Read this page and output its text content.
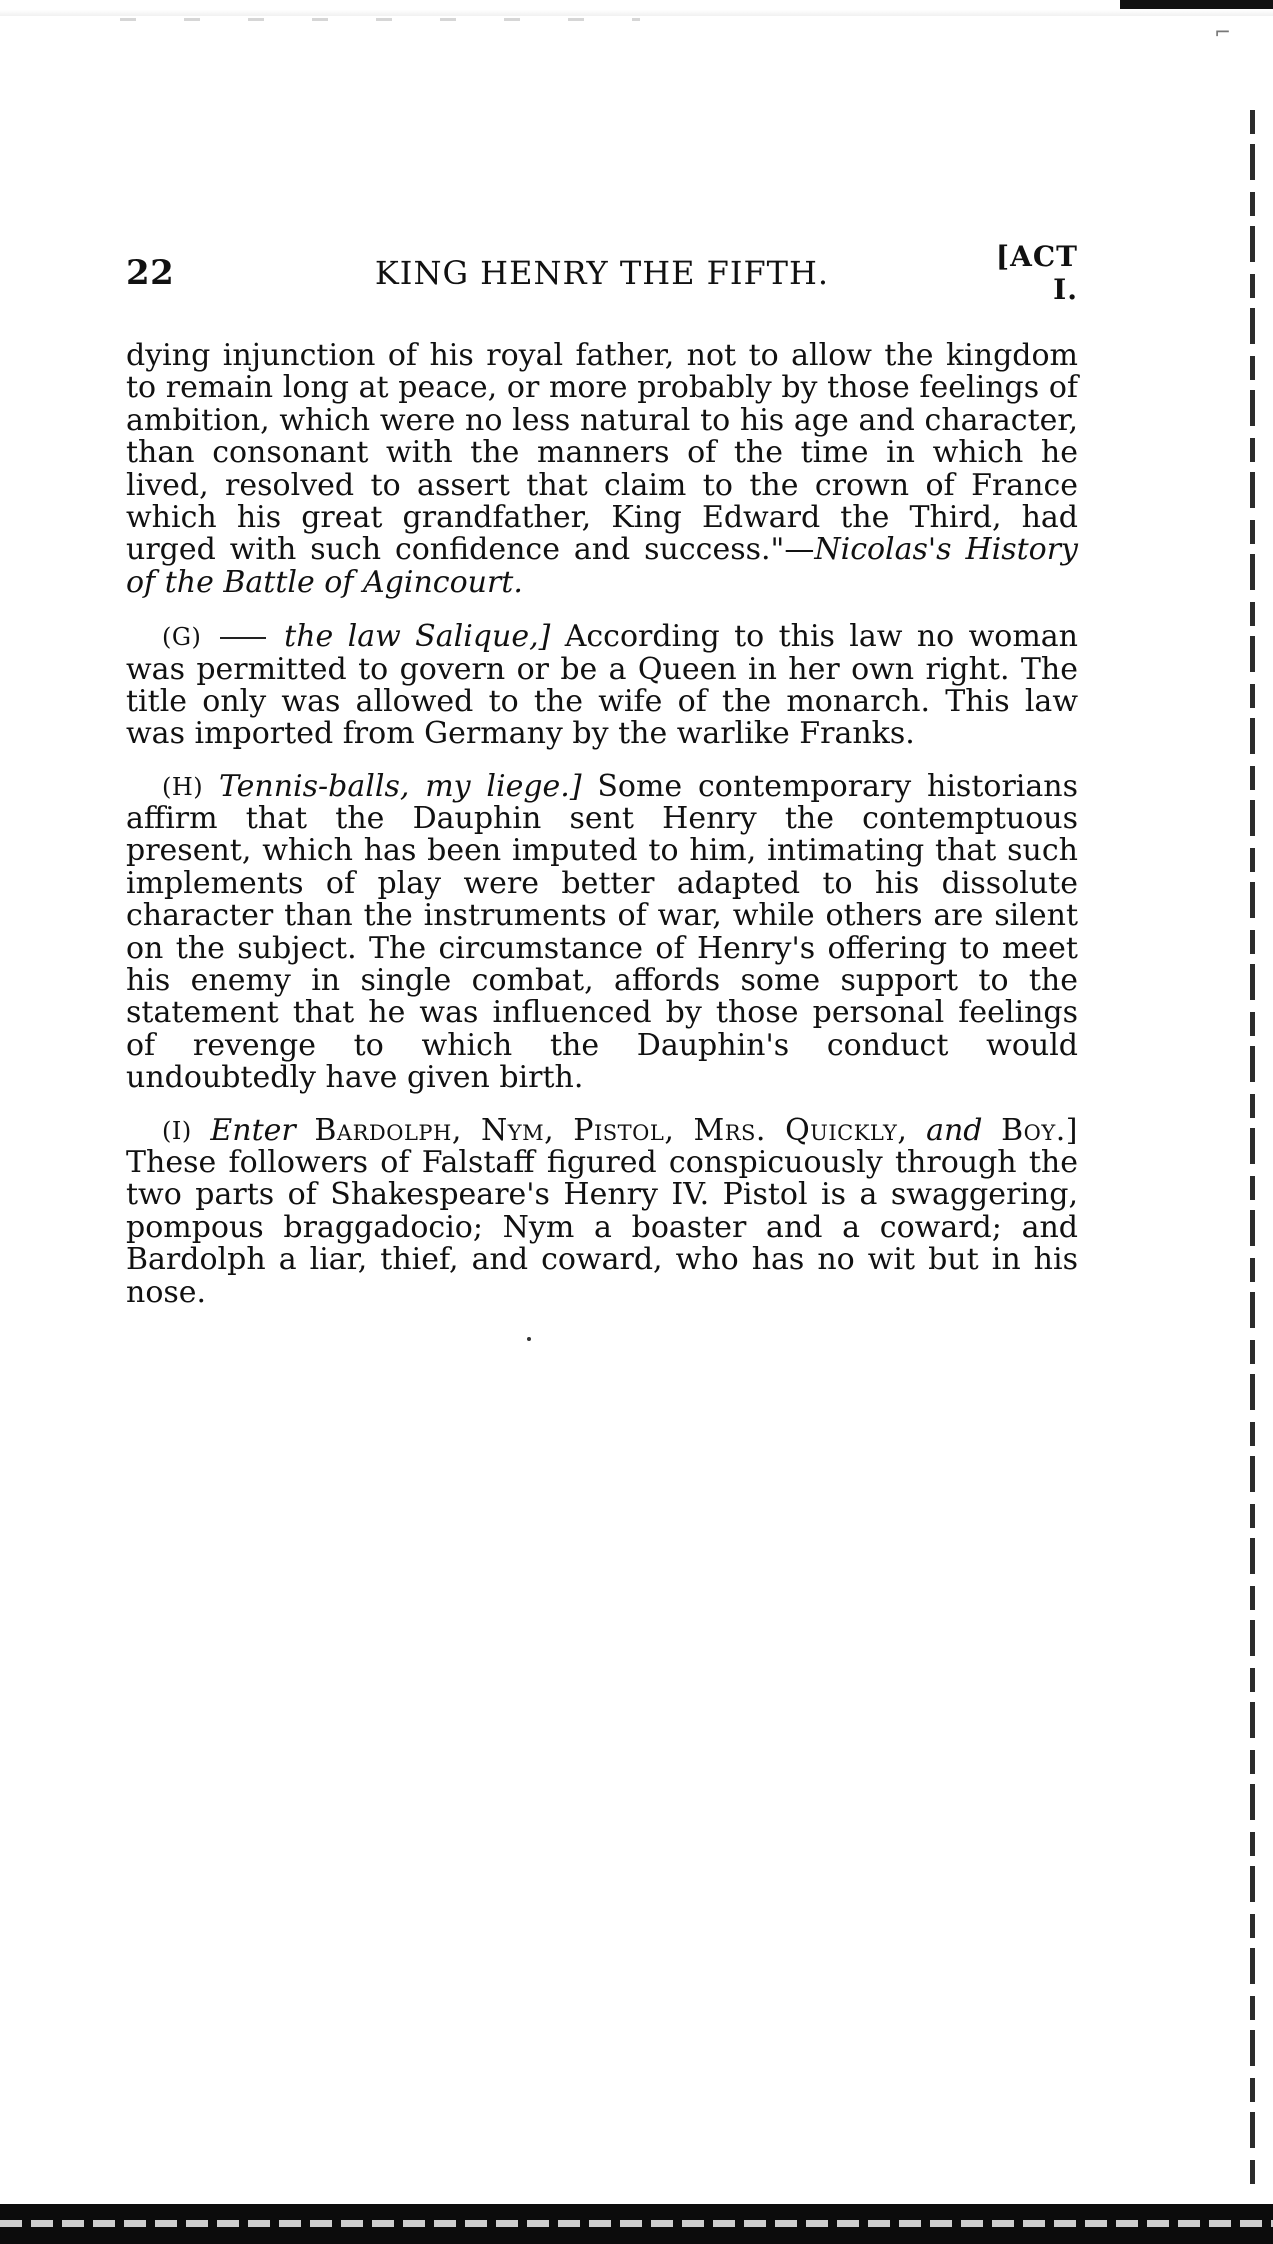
⌐
22	KING HENRY THE FIFTH.	[ACT I.

dying injunction of his royal father, not to allow the kingdom to remain long at peace, or more probably by those feelings of ambition, which were no less natural to his age and character, than consonant with the manners of the time in which he lived, resolved to assert that claim to the crown of France which his great grandfather, King Edward the Third, had urged with such confidence and success."—Nicolas's History of the Battle of Agincourt.

(G)	the law Salique,] According to this law no woman was permitted to govern or be a Queen in her own right. The title only was allowed to the wife of the monarch. This law was imported from Germany by the warlike Franks.

(H) Tennis-balls, my liege.] Some contemporary historians affirm that the Dauphin sent Henry the contemptuous present, which has been imputed to him, intimating that such implements of play were better adapted to his dissolute character than the instruments of war, while others are silent on the subject. The circumstance of Henry's offering to meet his enemy in single combat, affords some support to the statement that he was influenced by those personal feelings of revenge to which the Dauphin's conduct would undoubtedly have given birth.

(I) Enter Bardolph, Nym, Pistol, Mrs. Quickly, and Boy.] These followers of Falstaff figured conspicuously through the two parts of Shakespeare's Henry IV. Pistol is a swaggering, pompous braggadocio; Nym a boaster and a coward; and Bardolph a liar, thief, and coward, who has no wit but in his nose.
